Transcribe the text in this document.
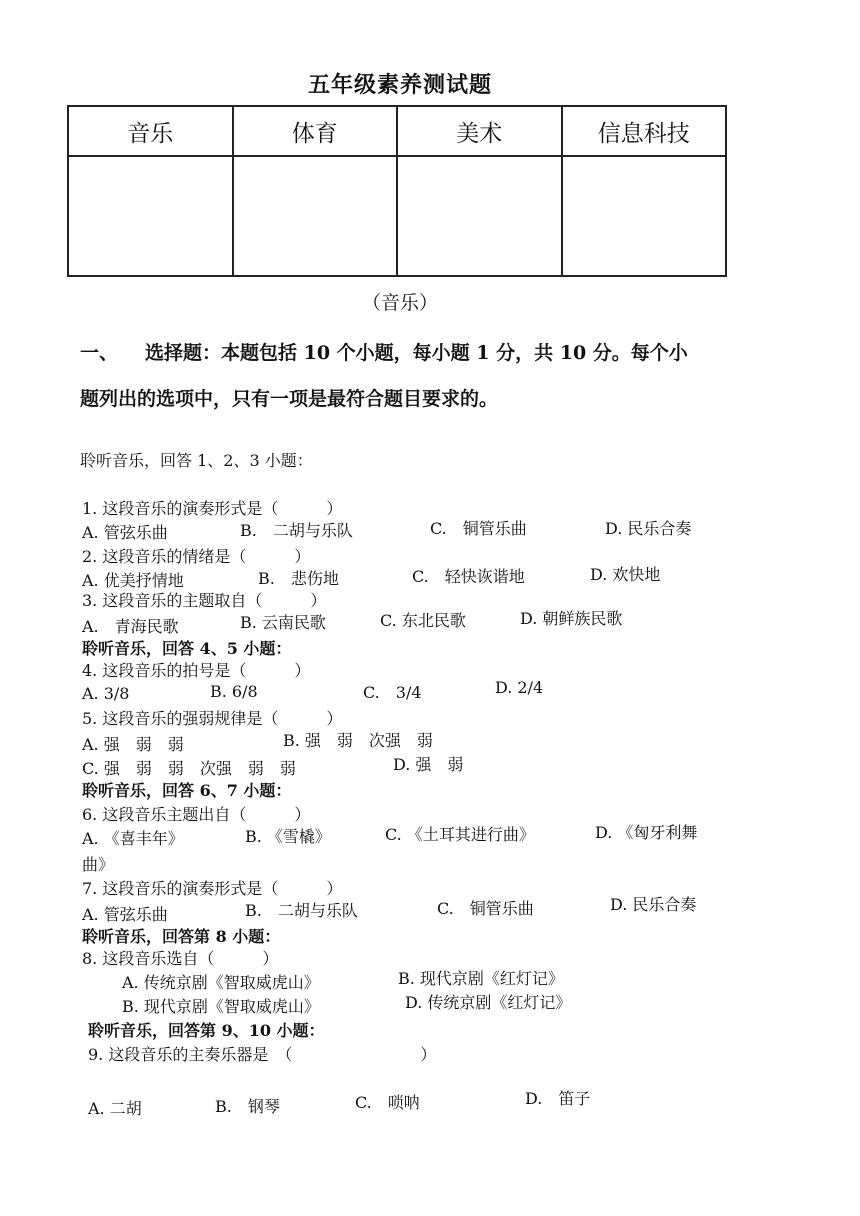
五年级素养测试题
音乐	体育	美术	信息科技

（音乐）
一、 选择题：本题包括 10 个小题，每小题 1 分，共 10 分。每个小
题列出的选项中，只有一项是最符合题目要求的。
聆听音乐，回答 1、2、3 小题：
1. 这段音乐的演奏形式是（　　　）
A. 管弦乐曲	B.　二胡与乐队	C.　铜管乐曲	D. 民乐合奏
2. 这段音乐的情绪是（　　　）
A. 优美抒情地	B.　悲伤地	C.　轻快诙谐地	D. 欢快地
3. 这段音乐的主题取自（　　　）
A.　青海民歌	B. 云南民歌	C. 东北民歌	D. 朝鲜族民歌
聆听音乐，回答 4、5 小题：
4. 这段音乐的拍号是（　　　）
A. 3/8	B. 6/8	C.　3/4	D. 2/4
5. 这段音乐的强弱规律是（　　　）
A. 强　弱　弱	B. 强　弱　次强　弱
C. 强　弱　弱　次强　弱　弱	D. 强　弱
聆听音乐，回答 6、7 小题：
6. 这段音乐主题出自（　　　）
A. 《喜丰年》	B. 《雪橇》	C. 《土耳其进行曲》	D. 《匈牙利舞
曲》
7. 这段音乐的演奏形式是（　　　）
A. 管弦乐曲	B.　二胡与乐队	C.　铜管乐曲	D. 民乐合奏
聆听音乐，回答第 8 小题：
8. 这段音乐选自（　　　）
A. 传统京剧《智取威虎山》	B. 现代京剧《红灯记》
B. 现代京剧《智取威虎山》	D. 传统京剧《红灯记》
聆听音乐，回答第 9、10 小题：
9. 这段音乐的主奏乐器是　（　　　　　　　　）
A. 二胡	B.　钢琴	C.　唢呐	D.　笛子
